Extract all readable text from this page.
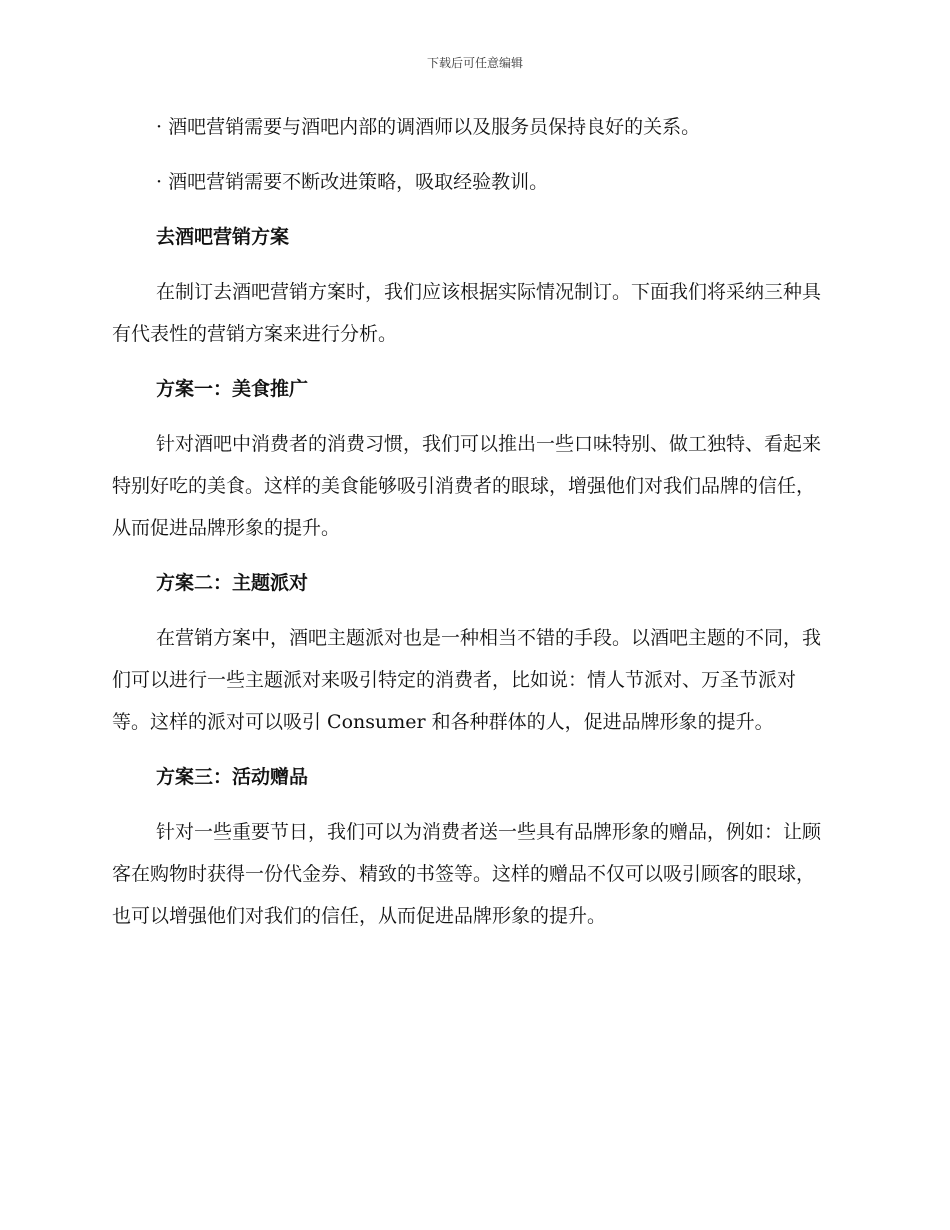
下载后可任意编辑

· 酒吧营销需要与酒吧内部的调酒师以及服务员保持良好的关系。

· 酒吧营销需要不断改进策略，吸取经验教训。

去酒吧营销方案

在制订去酒吧营销方案时，我们应该根据实际情况制订。下面我们将采纳三种具有代表性的营销方案来进行分析。

方案一：美食推广

针对酒吧中消费者的消费习惯，我们可以推出一些口味特别、做工独特、看起来特别好吃的美食。这样的美食能够吸引消费者的眼球，增强他们对我们品牌的信任，从而促进品牌形象的提升。

方案二：主题派对

在营销方案中，酒吧主题派对也是一种相当不错的手段。以酒吧主题的不同，我们可以进行一些主题派对来吸引特定的消费者，比如说：情人节派对、万圣节派对等。这样的派对可以吸引 Consumer 和各种群体的人，促进品牌形象的提升。

方案三：活动赠品

针对一些重要节日，我们可以为消费者送一些具有品牌形象的赠品，例如：让顾客在购物时获得一份代金券、精致的书签等。这样的赠品不仅可以吸引顾客的眼球，也可以增强他们对我们的信任，从而促进品牌形象的提升。
